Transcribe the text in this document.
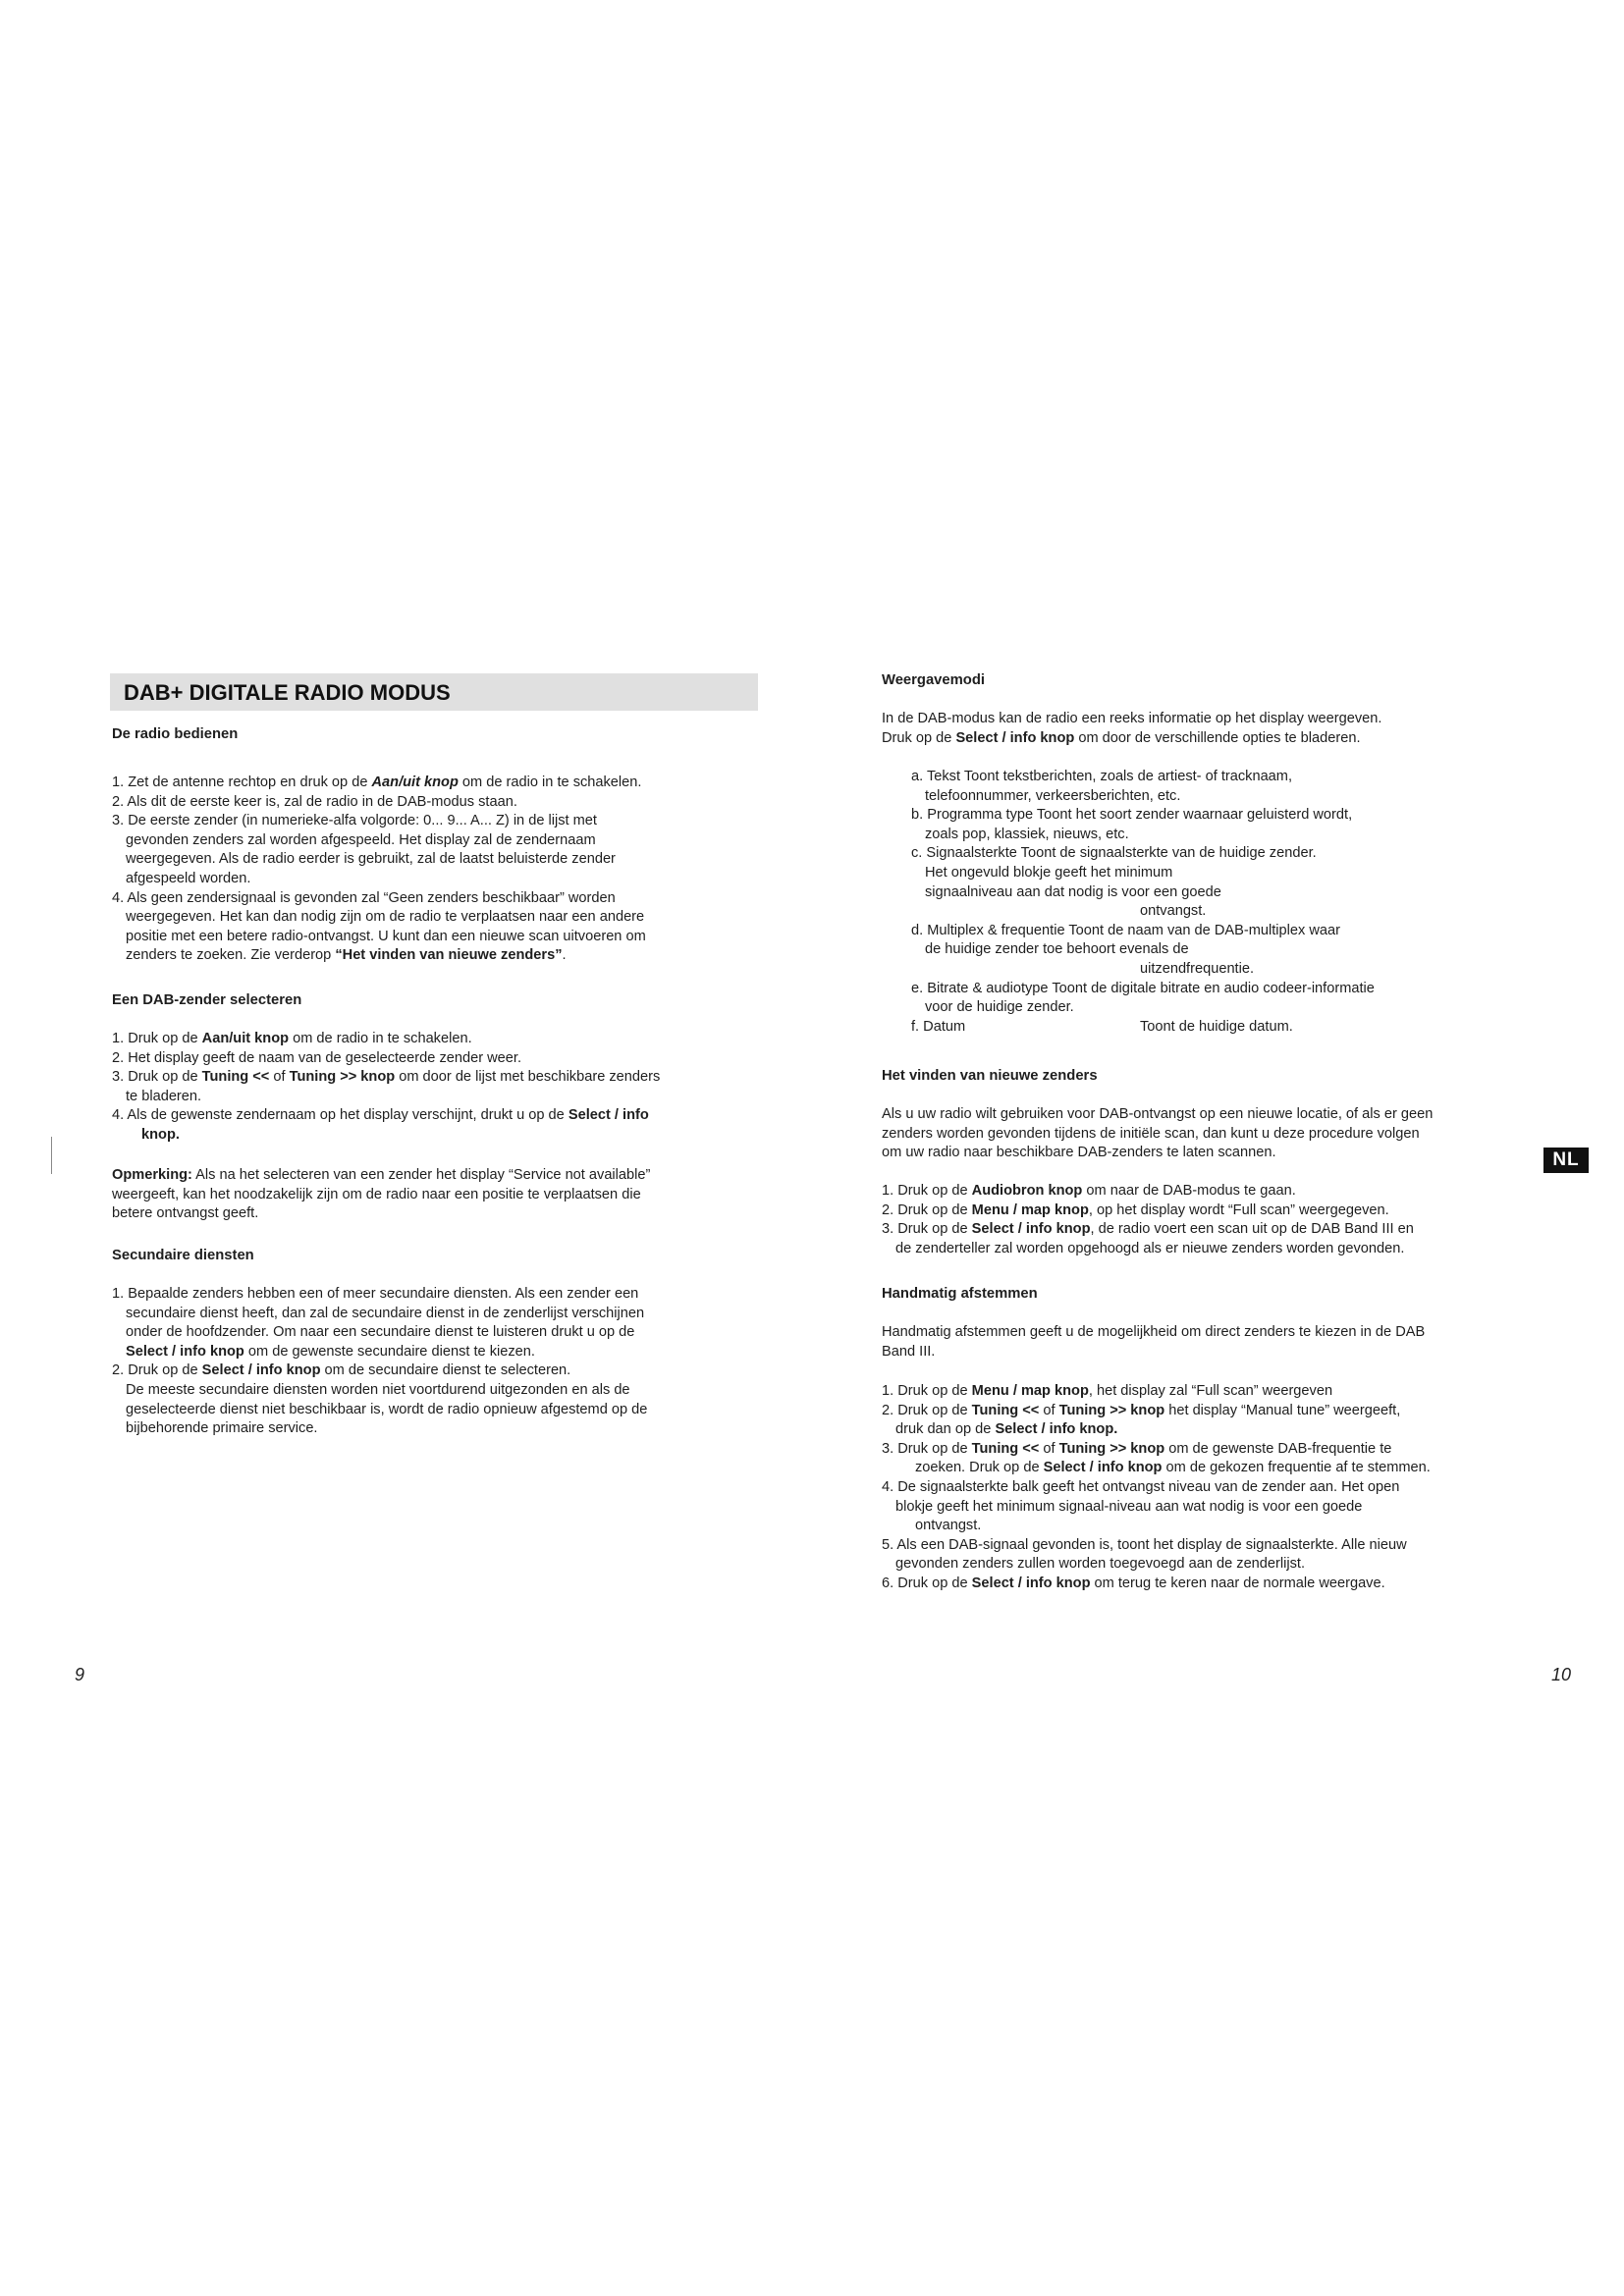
DAB+ DIGITALE RADIO MODUS
De radio bedienen

1. Zet de antenne rechtop en druk op de Aan/uit knop om de radio in te schakelen.

2. Als dit de eerste keer is, zal de radio in de DAB-modus staan.

3. De eerste zender (in numerieke-alfa volgorde: 0... 9... A... Z) in de lijst met

gevonden zenders zal worden afgespeeld. Het display zal de zendernaam

weergegeven. Als de radio eerder is gebruikt, zal de laatst beluisterde zender

afgespeeld worden.

4. Als geen zendersignaal is gevonden zal “Geen zenders beschikbaar” worden

weergegeven. Het kan dan nodig zijn om de radio te verplaatsen naar een andere

positie met een betere radio-ontvangst. U kunt dan een nieuwe scan uitvoeren om

zenders te zoeken. Zie verderop “Het vinden van nieuwe zenders”.

Een DAB-zender selecteren

1. Druk op de Aan/uit knop om de radio in te schakelen.

2. Het display geeft de naam van de geselecteerde zender weer.

3. Druk op de Tuning << of Tuning >> knop om door de lijst met beschikbare zenders

te bladeren.

4. Als de gewenste zendernaam op het display verschijnt, drukt u op de Select / info

knop.

Opmerking: Als na het selecteren van een zender het display “Service not available”

weergeeft, kan het noodzakelijk zijn om de radio naar een positie te verplaatsen die

betere ontvangst geeft.

Secundaire diensten

1. Bepaalde zenders hebben een of meer secundaire diensten. Als een zender een

secundaire dienst heeft, dan zal de secundaire dienst in de zenderlijst verschijnen

onder de hoofdzender. Om naar een secundaire dienst te luisteren drukt u op de

Select / info knop om de gewenste secundaire dienst te kiezen.

2. Druk op de Select / info knop om de secundaire dienst te selecteren.

De meeste secundaire diensten worden niet voortdurend uitgezonden en als de

geselecteerde dienst niet beschikbaar is, wordt de radio opnieuw afgestemd op de

bijbehorende primaire service.

9
Weergavemodi

In de DAB-modus kan de radio een reeks informatie op het display weergeven.

Druk op de Select / info knop om door de verschillende opties te bladeren.

a. Tekst Toont tekstberichten, zoals de artiest- of tracknaam,

telefoonnummer, verkeersberichten, etc.

b. Programma type Toont het soort zender waarnaar geluisterd wordt,

zoals pop, klassiek, nieuws, etc.

c. Signaalsterkte Toont de signaalsterkte van de huidige zender.

Het ongevuld blokje geeft het minimum

signaalniveau aan dat nodig is voor een goede

ontvangst.

d. Multiplex & frequentie Toont de naam van de DAB-multiplex waar

de huidige zender toe behoort evenals de

uitzendfrequentie.

e. Bitrate & audiotype Toont de digitale bitrate en audio codeer-informatie

voor de huidige zender.

f. Datum	Toont de huidige datum.

Het vinden van nieuwe zenders

Als u uw radio wilt gebruiken voor DAB-ontvangst op een nieuwe locatie, of als er geen

zenders worden gevonden tijdens de initiële scan, dan kunt u deze procedure volgen

om uw radio naar beschikbare DAB-zenders te laten scannen.

1. Druk op de Audiobron knop om naar de DAB-modus te gaan.

2. Druk op de Menu / map knop, op het display wordt “Full scan” weergegeven.

3. Druk op de Select / info knop, de radio voert een scan uit op de DAB Band III en

de zenderteller zal worden opgehoogd als er nieuwe zenders worden gevonden.

Handmatig afstemmen

Handmatig afstemmen geeft u de mogelijkheid om direct zenders te kiezen in de DAB

Band III.

1. Druk op de Menu / map knop, het display zal “Full scan” weergeven

2. Druk op de Tuning << of Tuning >> knop het display “Manual tune” weergeeft,

druk dan op de Select / info knop.

3. Druk op de Tuning << of Tuning >> knop om de gewenste DAB-frequentie te

zoeken. Druk op de Select / info knop om de gekozen frequentie af te stemmen.

4. De signaalsterkte balk geeft het ontvangst niveau van de zender aan. Het open

blokje geeft het minimum signaal-niveau aan wat nodig is voor een goede

ontvangst.

5. Als een DAB-signaal gevonden is, toont het display de signaalsterkte. Alle nieuw

gevonden zenders zullen worden toegevoegd aan de zenderlijst.

6. Druk op de Select / info knop om terug te keren naar de normale weergave.

NL
10
